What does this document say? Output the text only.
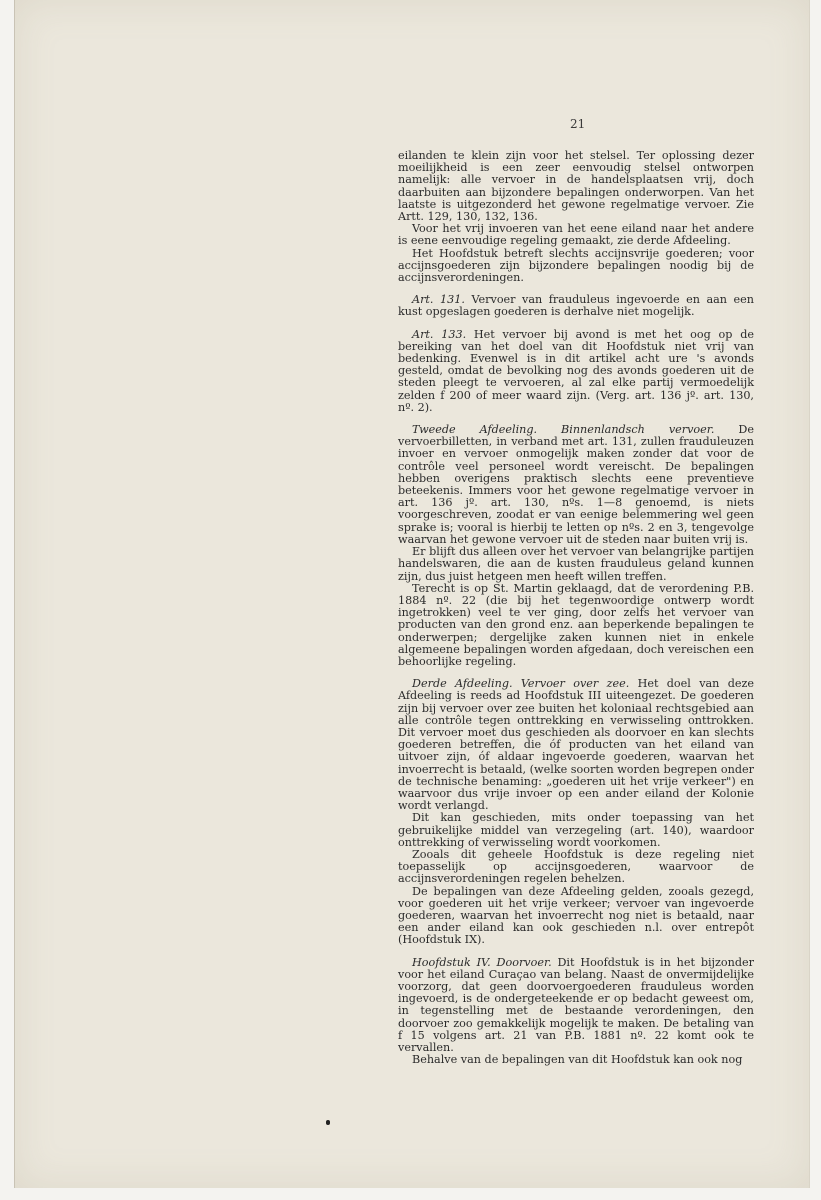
21

eilanden te klein zijn voor het stelsel. Ter oplossing dezer moeilijkheid is een zeer eenvoudig stelsel ontworpen namelijk: alle vervoer in de handelsplaatsen vrij, doch daarbuiten aan bijzondere bepalingen onderworpen. Van het laatste is uitgezonderd het gewone regelmatige vervoer. Zie Artt. 129, 130, 132, 136.

Voor het vrij invoeren van het eene eiland naar het andere is eene eenvoudige regeling gemaakt, zie derde Afdeeling.

Het Hoofdstuk betreft slechts accijnsvrije goederen; voor accijnsgoederen zijn bijzondere bepalingen noodig bij de accijnsverordeningen.

Art. 131. Vervoer van frauduleus ingevoerde en aan een kust opgeslagen goederen is derhalve niet mogelijk.

Art. 133. Het vervoer bij avond is met het oog op de bereiking van het doel van dit Hoofdstuk niet vrij van bedenking. Evenwel is in dit artikel acht ure 's avonds gesteld, omdat de bevolking nog des avonds goederen uit de steden pleegt te vervoeren, al zal elke partij vermoedelijk zelden f 200 of meer waard zijn. (Verg. art. 136 jº. art. 130, nº. 2).

Tweede Afdeeling. Binnenlandsch vervoer. De vervoerbilletten, in verband met art. 131, zullen frauduleuzen invoer en vervoer onmogelijk maken zonder dat voor de contrôle veel personeel wordt vereischt. De bepalingen hebben overigens praktisch slechts eene preventieve beteekenis. Immers voor het gewone regelmatige vervoer in art. 136 jº. art. 130, nºs. 1—8 genoemd, is niets voorgeschreven, zoodat er van eenige belemmering wel geen sprake is; vooral is hierbij te letten op nºs. 2 en 3, tengevolge waarvan het gewone vervoer uit de steden naar buiten vrij is.

Er blijft dus alleen over het vervoer van belangrijke partijen handelswaren, die aan de kusten frauduleus geland kunnen zijn, dus juist hetgeen men heeft willen treffen.

Terecht is op St. Martin geklaagd, dat de verordening P.B. 1884 nº. 22 (die bij het tegenwoordige ontwerp wordt ingetrokken) veel te ver ging, door zelfs het vervoer van producten van den grond enz. aan beperkende bepalingen te onderwerpen; dergelijke zaken kunnen niet in enkele algemeene bepalingen worden afgedaan, doch vereischen een behoorlijke regeling.

Derde Afdeeling. Vervoer over zee. Het doel van deze Afdeeling is reeds ad Hoofdstuk III uiteengezet. De goederen zijn bij vervoer over zee buiten het koloniaal rechtsgebied aan alle contrôle tegen onttrekking en verwisseling onttrokken. Dit vervoer moet dus geschieden als doorvoer en kan slechts goederen betreffen, die óf producten van het eiland van uitvoer zijn, óf aldaar ingevoerde goederen, waarvan het invoerrecht is betaald, (welke soorten worden begrepen onder de technische benaming: „goederen uit het vrije verkeer") en waarvoor dus vrije invoer op een ander eiland der Kolonie wordt verlangd.

Dit kan geschieden, mits onder toepassing van het gebruikelijke middel van verzegeling (art. 140), waardoor onttrekking of verwisseling wordt voorkomen.

Zooals dit geheele Hoofdstuk is deze regeling niet toepasselijk op accijnsgoederen, waarvoor de accijnsverordeningen regelen behelzen.

De bepalingen van deze Afdeeling gelden, zooals gezegd, voor goederen uit het vrije verkeer; vervoer van ingevoerde goederen, waarvan het invoerrecht nog niet is betaald, naar een ander eiland kan ook geschieden n.l. over entrepôt (Hoofdstuk IX).

Hoofdstuk IV. Doorvoer. Dit Hoofdstuk is in het bijzonder voor het eiland Curaçao van belang. Naast de onvermijdelijke voorzorg, dat geen doorvoergoederen frauduleus worden ingevoerd, is de ondergeteekende er op bedacht geweest om, in tegenstelling met de bestaande verordeningen, den doorvoer zoo gemakkelijk mogelijk te maken. De betaling van f 15 volgens art. 21 van P.B. 1881 nº. 22 komt ook te vervallen.

Behalve van de bepalingen van dit Hoofdstuk kan ook nog
